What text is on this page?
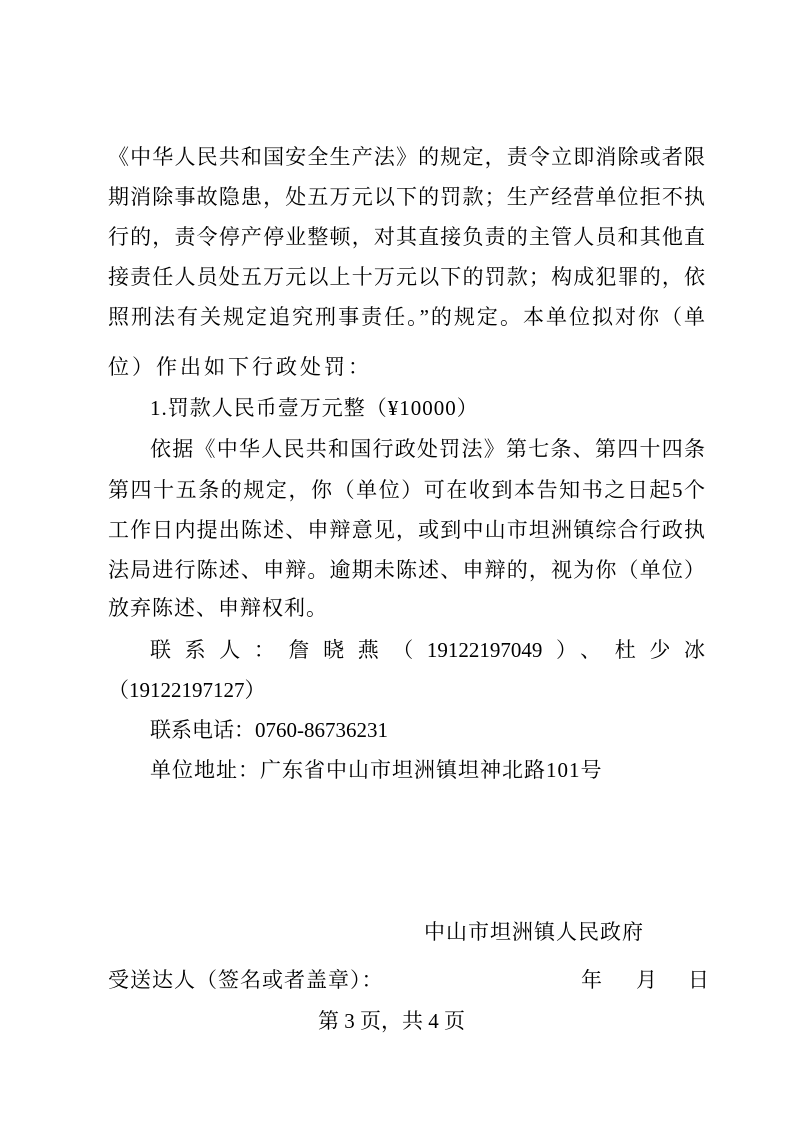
《中华人民共和国安全生产法》的规定，责令立即消除或者限
期消除事故隐患，处五万元以下的罚款；生产经营单位拒不执
行的，责令停产停业整顿，对其直接负责的主管人员和其他直
接责任人员处五万元以上十万元以下的罚款；构成犯罪的，依
照刑法有关规定追究刑事责任。”的规定。本单位拟对你（单
位）作出如下行政处罚：
1.罚款人民币壹万元整（¥10000）
依据《中华人民共和国行政处罚法》第七条、第四十四条
第四十五条的规定，你（单位）可在收到本告知书之日起5个
工作日内提出陈述、申辩意见，或到中山市坦洲镇综合行政执
法局进行陈述、申辩。逾期未陈述、申辩的，视为你（单位）
放弃陈述、申辩权利。
联系人：詹晓燕（19122197049）、杜少冰
（19122197127）
联系电话：0760-86736231
单位地址：广东省中山市坦洲镇坦神北路101号
中山市坦洲镇人民政府
受送达人（签名或者盖章）：	年 月 日
第 3 页，共 4 页
